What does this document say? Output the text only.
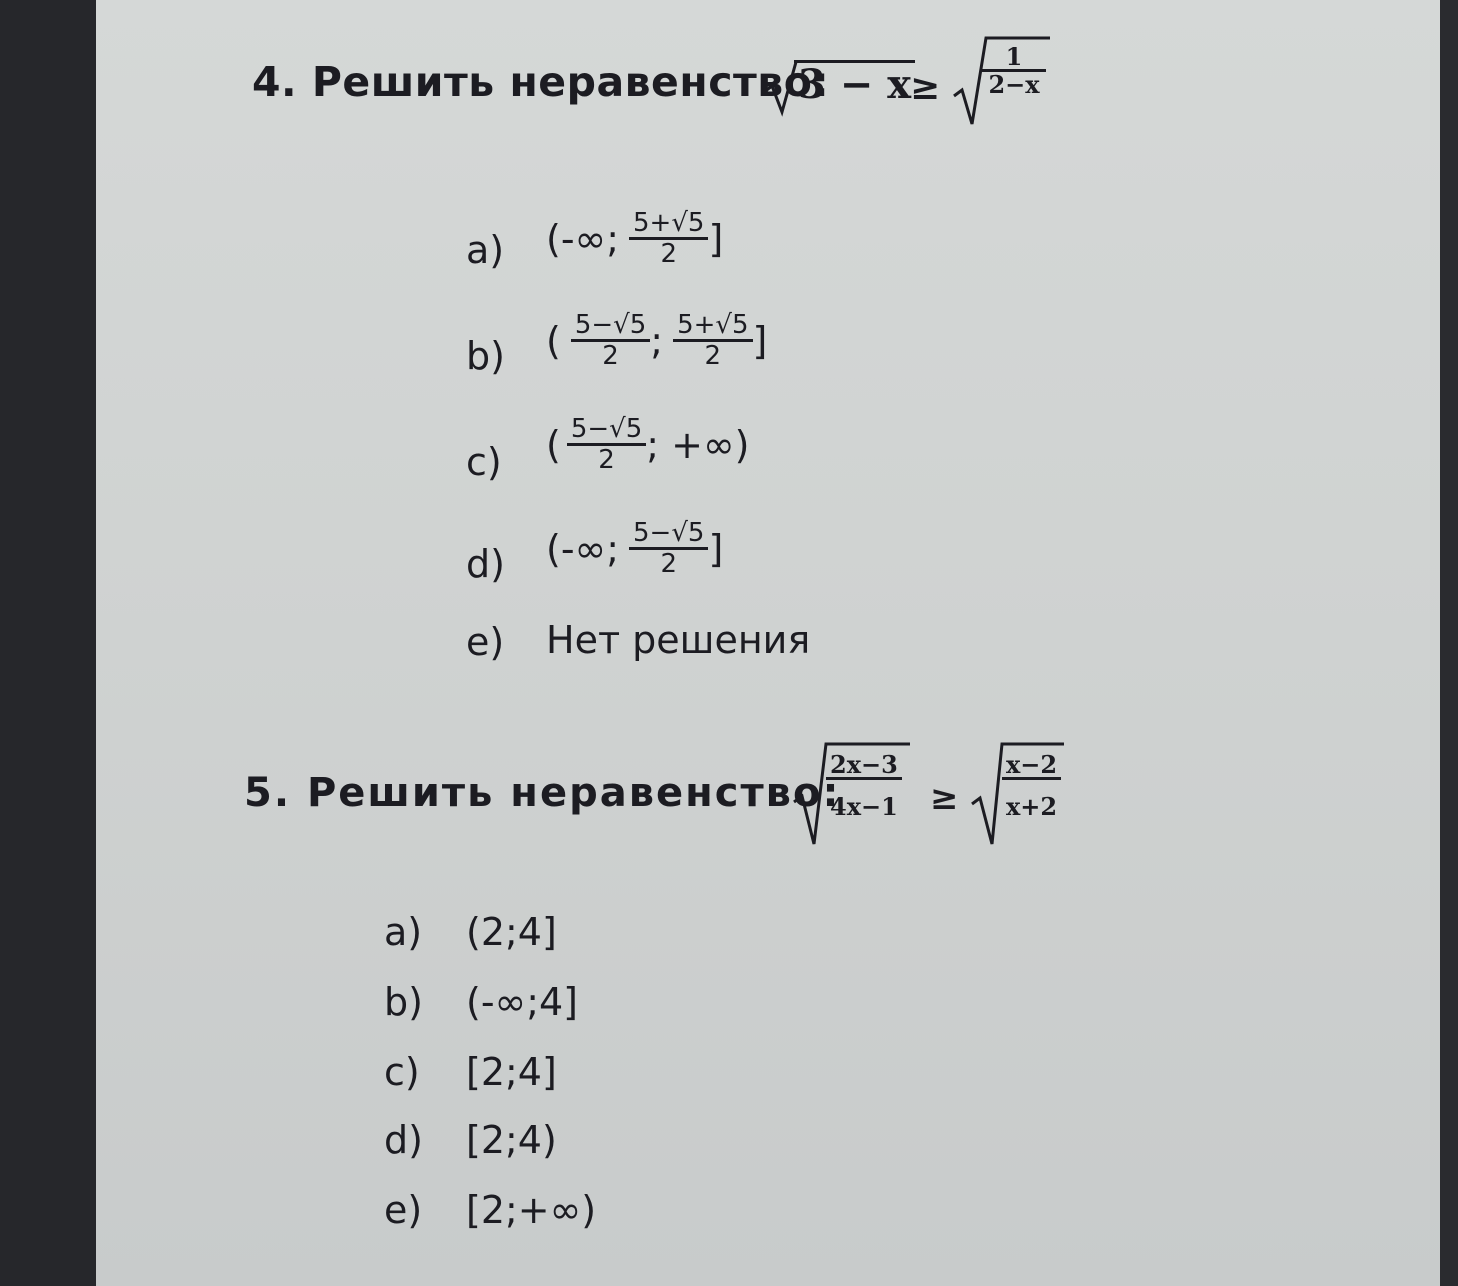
4. Решить неравенство:
3 − x
≥ $\frac{1}{2-x}$
a)	(-∞; $\frac{5+√5}{2}$ ]
b)	( $\frac{5-√5}{2}$ ; $\frac{5+√5}{2}$ ]
c)	( $\frac{5-√5}{2}$ ; +∞)
d)	(-∞; $\frac{5-√5}{2}$ ]
e)	Нет решения
5. Решить неравенство:
$\frac{2x-3}{4x-1} \ge \frac{x-2}{x+2}$
a)	(2;4]
b)	(-∞;4]
c)	[2;4]
d)	[2;4)
e)	[2;+∞)
